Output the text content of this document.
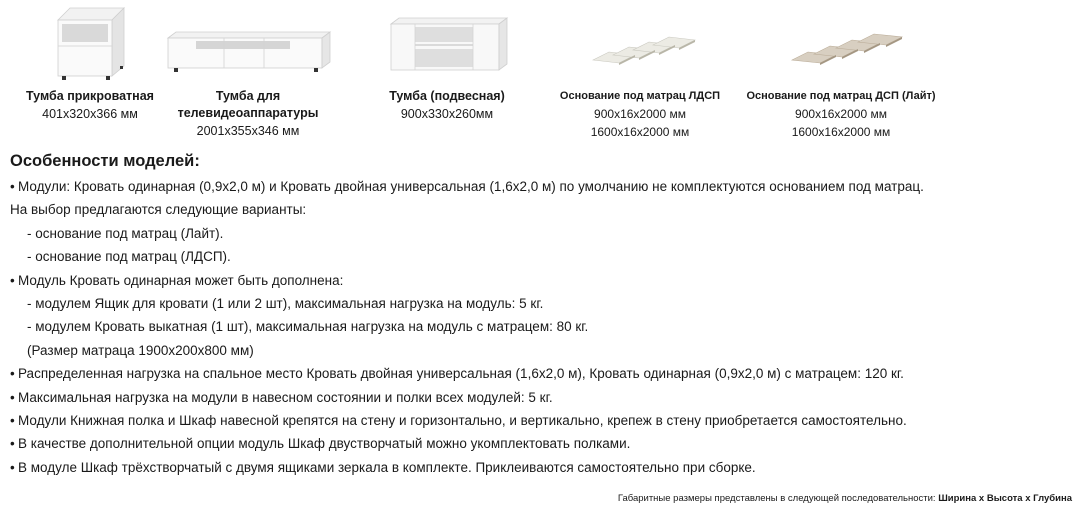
Тумба прикроватная
401x320x366 мм
Тумба для
телевидеоаппаратуры
2001x355x346 мм
Тумба (подвесная)
900x330x260мм
Основание под матрац ЛДСП
900x16x2000 мм
1600x16x2000 мм
Основание под матрац ДСП (Лайт)
900x16x2000 мм
1600x16x2000 мм
Особенности моделей:
• Модули: Кровать одинарная (0,9х2,0 м) и Кровать двойная универсальная (1,6х2,0 м) по умолчанию не комплектуются основанием под матрац.
На выбор предлагаются следующие варианты:
- основание под матрац (Лайт).
- основание под матрац (ЛДСП).
• Модуль Кровать одинарная может быть дополнена:
- модулем Ящик для кровати (1 или 2 шт), максимальная нагрузка на модуль: 5 кг.
- модулем Кровать выкатная (1 шт), максимальная нагрузка на модуль с матрацем: 80 кг.
(Размер матраца 1900х200х800 мм)
• Распределенная нагрузка на спальное место Кровать двойная универсальная (1,6х2,0 м), Кровать одинарная (0,9х2,0 м) с матрацем: 120 кг.
• Максимальная нагрузка на модули в навесном состоянии и полки всех модулей: 5 кг.
• Модули Книжная полка и Шкаф навесной крепятся на стену и горизонтально, и вертикально, крепеж в стену приобретается самостоятельно.
• В качестве дополнительной опции модуль Шкаф двустворчатый можно укомплектовать полками.
• В модуле Шкаф трёхстворчатый с двумя ящиками зеркала в комплекте. Приклеиваются самостоятельно при сборке.
Габаритные размеры представлены в следующей последовательности: Ширина х Высота х Глубина
